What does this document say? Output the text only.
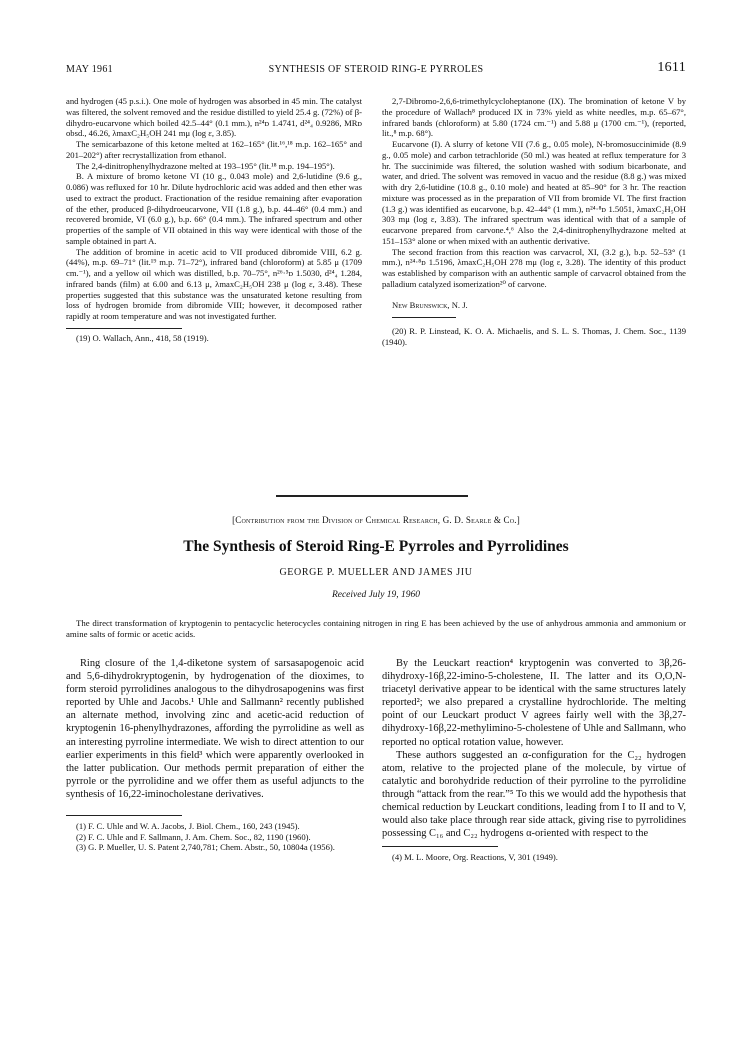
MAY 1961	SYNTHESIS OF STEROID RING-E PYRROLES	1611

and hydrogen (45 p.s.i.). One mole of hydrogen was absorbed in 45 min. The catalyst was filtered, the solvent removed and the residue distilled to yield 25.4 g. (72%) of β-dihydro-eucarvone which boiled 42.5–44° (0.1 mm.), n²⁴ᴅ 1.4741, d²⁴₄ 0.9286, MRᴅ obsd., 46.26, λmaxC₂H₅OH 241 mμ (log ε, 3.85).

The semicarbazone of this ketone melted at 162–165° (lit.¹⁶,¹⁸ m.p. 162–165° and 201–202°) after recrystallization from ethanol.

The 2,4-dinitrophenylhydrazone melted at 193–195° (lit.¹⁸ m.p. 194–195°).

B. A mixture of bromo ketone VI (10 g., 0.043 mole) and 2,6-lutidine (9.6 g., 0.086) was refluxed for 10 hr. Dilute hydrochloric acid was added and then ether was used to extract the product. Fractionation of the residue remaining after evaporation of the ether, produced β-dihydroeucarvone, VII (1.8 g.), b.p. 44–46° (0.4 mm.) and recovered bromide, VI (6.0 g.), b.p. 66° (0.4 mm.). The infrared spectrum and other properties of the sample of VII obtained in this way were identical with those of the sample obtained in part A.

The addition of bromine in acetic acid to VII produced dibromide VIII, 6.2 g. (44%), m.p. 69–71° (lit.¹⁹ m.p. 71–72°), infrared band (chloroform) at 5.85 μ (1709 cm.⁻¹), and a yellow oil which was distilled, b.p. 70–75°, n²⁶·⁵ᴅ 1.5030, d²⁴₄ 1.284, infrared bands (film) at 6.00 and 6.13 μ, λmaxC₂H₅OH 238 μ (log ε, 3.48). These properties suggested that this substance was the unsaturated ketone resulting from loss of hydrogen bromide from dibromide VIII; however, it decomposed rather rapidly at room temperature and was not investigated further.

(19) O. Wallach, Ann., 418, 58 (1919).

2,7-Dibromo-2,6,6-trimethylcycloheptanone (IX). The bromination of ketone V by the procedure of Wallach⁸ produced IX in 73% yield as white needles, m.p. 65–67°, infrared bands (chloroform) at 5.80 (1724 cm.⁻¹) and 5.88 μ (1700 cm.⁻¹), (reported, lit.,⁸ m.p. 68°).

Eucarvone (I). A slurry of ketone VII (7.6 g., 0.05 mole), N-bromosuccinimide (8.9 g., 0.05 mole) and carbon tetrachloride (50 ml.) was heated at reflux temperature for 3 hr. The succinimide was filtered, the solution washed with sodium bicarbonate, and water, and dried. The solvent was removed in vacuo and the residue (8.8 g.) was mixed with dry 2,6-lutidine (10.8 g., 0.10 mole) and heated at 85–90° for 3 hr. The reaction mixture was processed as in the preparation of VII from bromide VI. The first fraction (1.3 g.) was identified as eucarvone, b.p. 42–44° (1 mm.), n²⁴·⁸ᴅ 1.5051, λmaxC₂H₅OH 303 mμ (log ε, 3.83). The infrared spectrum was identical with that of a sample of eucarvone prepared from carvone.⁴,⁶ Also the 2,4-dinitrophenylhydrazone melted at 151–153° alone or when mixed with an authentic derivative.

The second fraction from this reaction was carvacrol, XI, (3.2 g.), b.p. 52–53° (1 mm.), n²⁴·⁸ᴅ 1.5196, λmaxC₂H₅OH 278 mμ (log ε, 3.28). The identity of this product was established by comparison with an authentic sample of carvacrol obtained from the palladium catalyzed isomerization²⁰ of carvone.

New Brunswick, N. J.

(20) R. P. Linstead, K. O. A. Michaelis, and S. L. S. Thomas, J. Chem. Soc., 1139 (1940).

[Contribution from the Division of Chemical Research, G. D. Searle & Co.]
The Synthesis of Steroid Ring-E Pyrroles and Pyrrolidines
GEORGE P. MUELLER AND JAMES JIU
Received July 19, 1960
The direct transformation of kryptogenin to pentacyclic heterocycles containing nitrogen in ring E has been achieved by the use of anhydrous ammonia and ammonium or amine salts of formic or acetic acids.
Ring closure of the 1,4-diketone system of sarsasapogenoic acid and 5,6-dihydrokryptogenin, by hydrogenation of the dioximes, to form steroid pyrrolidines analogous to the dihydrosapogenins was first reported by Uhle and Jacobs.¹ Uhle and Sallmann² recently published an alternate method, involving zinc and acetic-acid reduction of kryptogenin 16-phenylhydrazones, affording the pyrrolidine as well as an interesting pyrroline intermediate. We wish to direct attention to our earlier experiments in this field³ which were apparently overlooked in the latter publication. Our methods permit preparation of either the pyrrole or the pyrrolidine and we offer them as useful adjuncts to the synthesis of 16,22-iminocholestane derivatives.
(1) F. C. Uhle and W. A. Jacobs, J. Biol. Chem., 160, 243 (1945).
(2) F. C. Uhle and F. Sallmann, J. Am. Chem. Soc., 82, 1190 (1960).
(3) G. P. Mueller, U. S. Patent 2,740,781; Chem. Abstr., 50, 10804a (1956).

By the Leuckart reaction⁴ kryptogenin was converted to 3β,26-dihydroxy-16β,22-imino-5-cholestene, II. The latter and its O,O,N-triacetyl derivative appear to be identical with the same structures lately reported²; we also prepared a crystalline hydrochloride. The melting point of our Leuckart product V agrees fairly well with the 3β,27-dihydroxy-16β,22-methylimino-5-cholestene of Uhle and Sallmann, who reported no optical rotation value, however.

These authors suggested an α-configuration for the C₂₂ hydrogen atom, relative to the projected plane of the molecule, by virtue of catalytic and borohydride reduction of their pyrroline to the pyrrolidine through “attack from the rear.”⁵ To this we would add the hypothesis that chemical reduction by Leuckart conditions, leading from I to II and to V, would also take place through rear side attack, giving rise to pyrrolidines possessing C₁₆ and C₂₂ hydrogens α-oriented with respect to the

(4) M. L. Moore, Org. Reactions, V, 301 (1949).
